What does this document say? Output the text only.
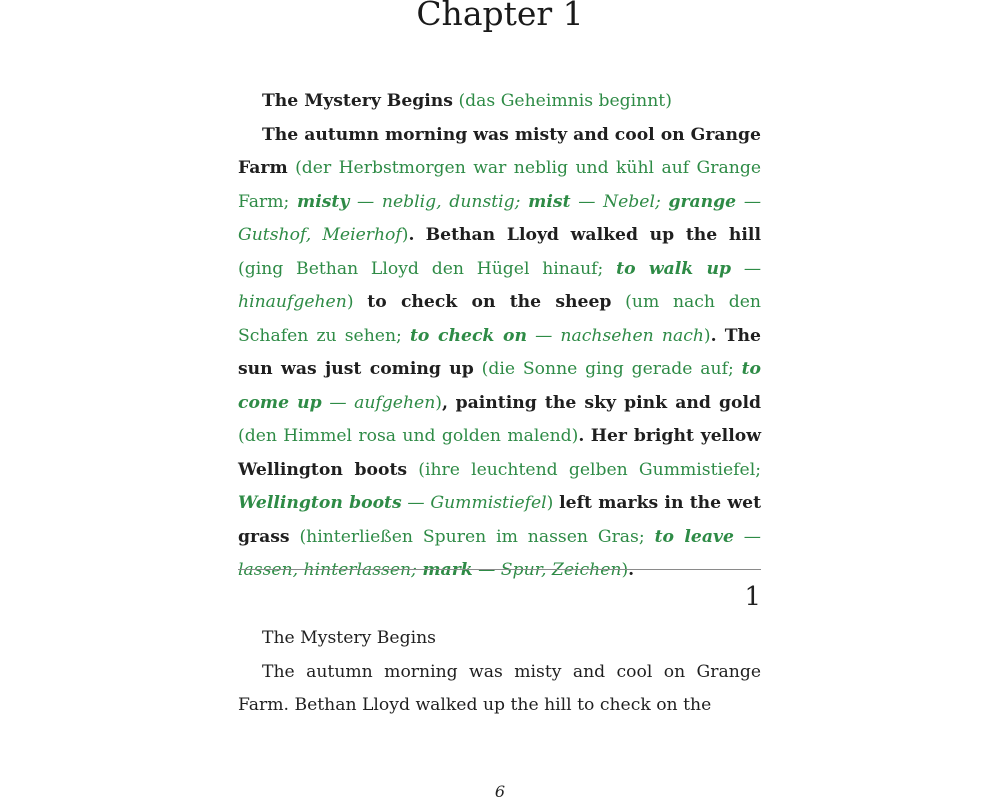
Chapter 1

The Mystery Begins (das Geheimnis beginnt)

The autumn morning was misty and cool on Grange Farm (der Herbstmorgen war neblig und kühl auf Grange Farm; misty — neblig, dunstig; mist — Nebel; grange — Gutshof, Meierhof). Bethan Lloyd walked up the hill (ging Bethan Lloyd den Hügel hinauf; to walk up — hinaufgehen) to check on the sheep (um nach den Schafen zu sehen; to check on — nachsehen nach). The sun was just coming up (die Sonne ging gerade auf; to come up — aufgehen), painting the sky pink and gold (den Himmel rosa und golden malend). Her bright yellow Wellington boots (ihre leuchtend gelben Gummistiefel; Wellington boots — Gummistiefel) left marks in the wet grass (hinterließen Spuren im nassen Gras; to leave — lassen, hinterlassen; mark — Spur, Zeichen).

1

The Mystery Begins

The autumn morning was misty and cool on Grange Farm. Bethan Lloyd walked up the hill to check on the

6
